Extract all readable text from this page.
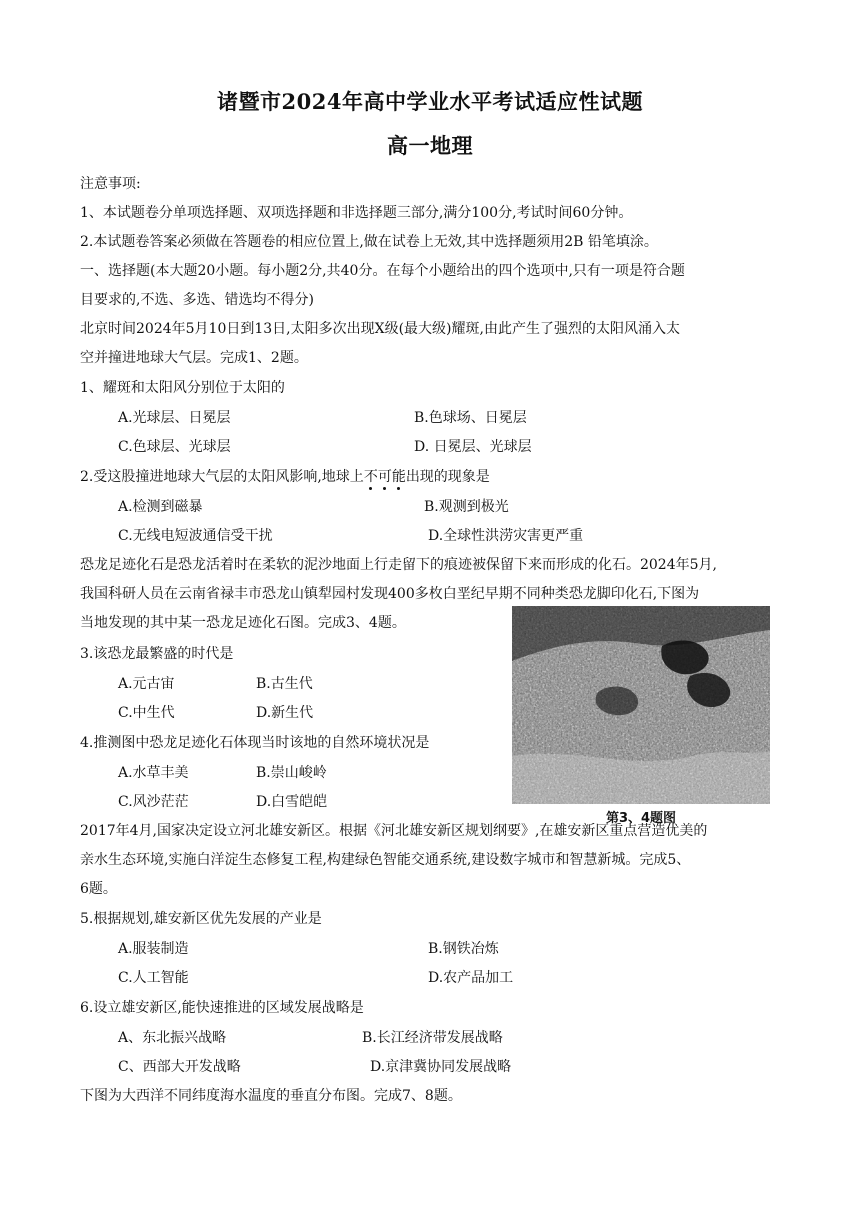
诸暨市2024年高中学业水平考试适应性试题
高一地理
注意事项:
1、本试题卷分单项选择题、双项选择题和非选择题三部分,满分100分,考试时间60分钟。
2.本试题卷答案必须做在答题卷的相应位置上,做在试卷上无效,其中选择题须用2B 铅笔填涂。
一、选择题(本大题20小题。每小题2分,共40分。在每个小题给出的四个选项中,只有一项是符合题
目要求的,不选、多选、错选均不得分)
北京时间2024年5月10日到13日,太阳多次出现X级(最大级)耀斑,由此产生了强烈的太阳风涌入太
空并撞进地球大气层。完成1、2题。
1、耀斑和太阳风分别位于太阳的
A.光球层、日冕层	B.色球场、日冕层
C.色球层、光球层	D. 日冕层、光球层
2.受这股撞进地球大气层的太阳风影响,地球上不可能出现的现象是
A.检测到磁暴	B.观测到极光
C.无线电短波通信受干扰	D.全球性洪涝灾害更严重
恐龙足迹化石是恐龙活着时在柔软的泥沙地面上行走留下的痕迹被保留下来而形成的化石。2024年5月,
我国科研人员在云南省禄丰市恐龙山镇犁园村发现400多枚白垩纪早期不同种类恐龙脚印化石,下图为
当地发现的其中某一恐龙足迹化石图。完成3、4题。
第3、4题图
3.该恐龙最繁盛的时代是
A.元古宙	B.古生代
C.中生代	D.新生代
4.推测图中恐龙足迹化石体现当时该地的自然环境状况是
A.水草丰美	B.崇山峻岭
C.风沙茫茫	D.白雪皑皑
2017年4月,国家决定设立河北雄安新区。根据《河北雄安新区规划纲要》,在雄安新区重点营造优美的
亲水生态环境,实施白洋淀生态修复工程,构建绿色智能交通系统,建设数字城市和智慧新城。完成5、
6题。
5.根据规划,雄安新区优先发展的产业是
A.服装制造	B.钢铁冶炼
C.人工智能	D.农产品加工
6.设立雄安新区,能快速推进的区域发展战略是
A、东北振兴战略	B.长江经济带发展战略
C、西部大开发战略	D.京津冀协同发展战略
下图为大西洋不同纬度海水温度的垂直分布图。完成7、8题。
